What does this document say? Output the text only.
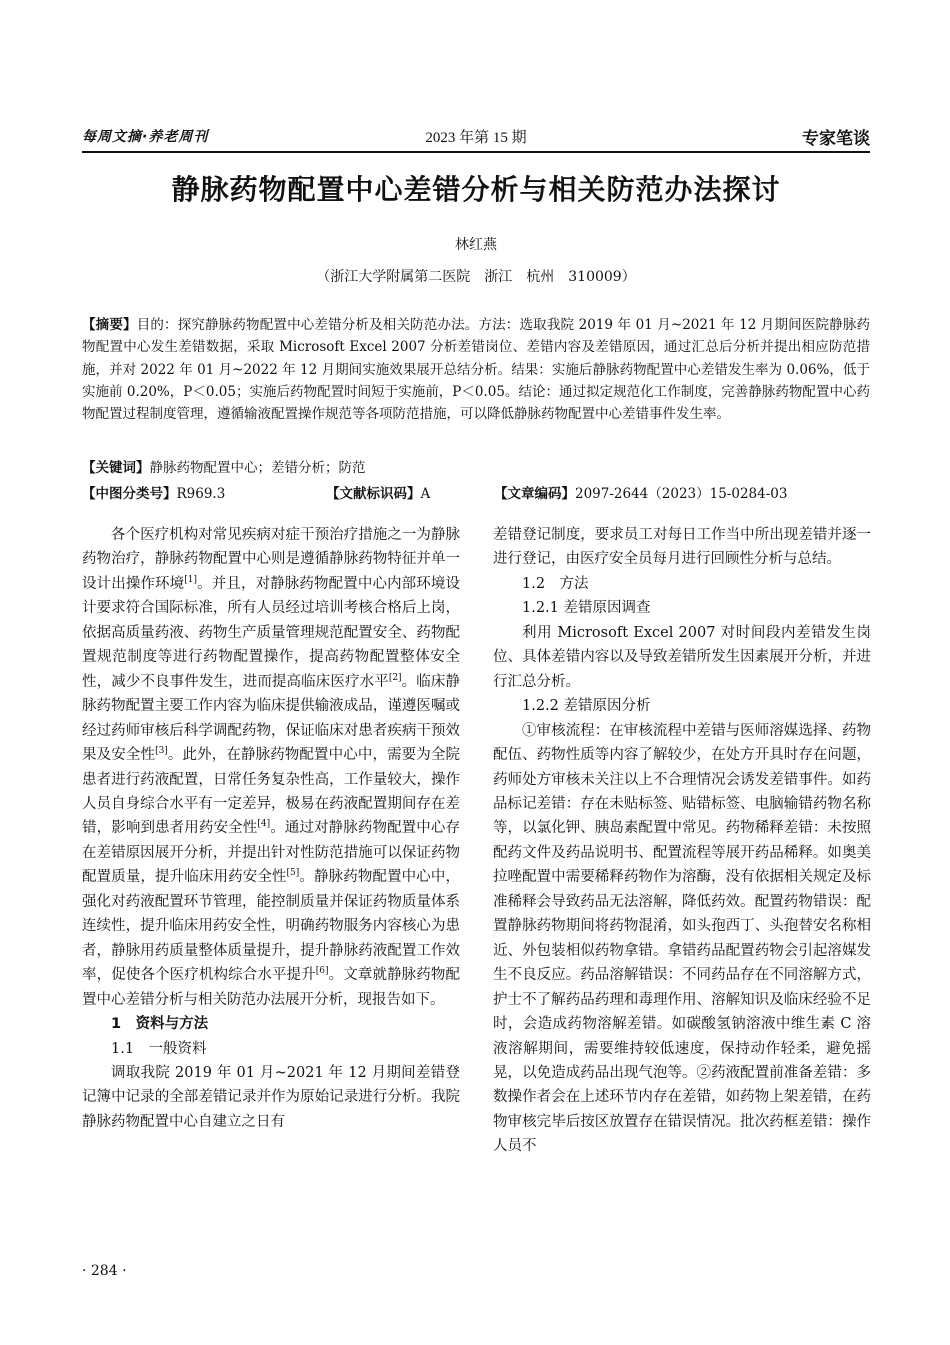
每周文摘·养老周刊	2023 年第 15 期	专家笔谈
静脉药物配置中心差错分析与相关防范办法探讨
林红燕
（浙江大学附属第二医院　浙江　杭州　310009）
【摘要】目的：探究静脉药物配置中心差错分析及相关防范办法。方法：选取我院 2019 年 01 月~2021 年 12 月期间医院静脉药物配置中心发生差错数据，采取 Microsoft Excel 2007 分析差错岗位、差错内容及差错原因，通过汇总后分析并提出相应防范措施，并对 2022 年 01 月~2022 年 12 月期间实施效果展开总结分析。结果：实施后静脉药物配置中心差错发生率为 0.06%，低于实施前 0.20%，P＜0.05；实施后药物配置时间短于实施前，P＜0.05。结论：通过拟定规范化工作制度，完善静脉药物配置中心药物配置过程制度管理，遵循输液配置操作规范等各项防范措施，可以降低静脉药物配置中心差错事件发生率。
【关键词】静脉药物配置中心；差错分析；防范
【中图分类号】R969.3	【文献标识码】A	【文章编码】2097-2644（2023）15-0284-03

各个医疗机构对常见疾病对症干预治疗措施之一为静脉药物治疗，静脉药物配置中心则是遵循静脉药物特征并单一设计出操作环境[1]。并且，对静脉药物配置中心内部环境设计要求符合国际标准，所有人员经过培训考核合格后上岗，依据高质量药液、药物生产质量管理规范配置安全、药物配置规范制度等进行药物配置操作，提高药物配置整体安全性，减少不良事件发生，进而提高临床医疗水平[2]。临床静脉药物配置主要工作内容为临床提供输液成品，谨遵医嘱或经过药师审核后科学调配药物，保证临床对患者疾病干预效果及安全性[3]。此外，在静脉药物配置中心中，需要为全院患者进行药液配置，日常任务复杂性高，工作量较大，操作人员自身综合水平有一定差异，极易在药液配置期间存在差错，影响到患者用药安全性[4]。通过对静脉药物配置中心存在差错原因展开分析，并提出针对性防范措施可以保证药物配置质量，提升临床用药安全性[5]。静脉药物配置中心中，强化对药液配置环节管理，能控制质量并保证药物质量体系连续性，提升临床用药安全性，明确药物服务内容核心为患者，静脉用药质量整体质量提升，提升静脉药液配置工作效率，促使各个医疗机构综合水平提升[6]。文章就静脉药物配置中心差错分析与相关防范办法展开分析，现报告如下。

1　资料与方法

1.1　一般资料

调取我院 2019 年 01 月~2021 年 12 月期间差错登记簿中记录的全部差错记录并作为原始记录进行分析。我院静脉药物配置中心自建立之日有

差错登记制度，要求员工对每日工作当中所出现差错并逐一进行登记，由医疗安全员每月进行回顾性分析与总结。

1.2　方法

1.2.1 差错原因调查

利用 Microsoft Excel 2007 对时间段内差错发生岗位、具体差错内容以及导致差错所发生因素展开分析，并进行汇总分析。

1.2.2 差错原因分析

①审核流程：在审核流程中差错与医师溶媒选择、药物配伍、药物性质等内容了解较少，在处方开具时存在问题，药师处方审核未关注以上不合理情况会诱发差错事件。如药品标记差错：存在未贴标签、贴错标签、电脑输错药物名称等，以氯化钾、胰岛素配置中常见。药物稀释差错：未按照配药文件及药品说明书、配置流程等展开药品稀释。如奥美拉唑配置中需要稀释药物作为溶酶，没有依据相关规定及标准稀释会导致药品无法溶解，降低药效。配置药物错误：配置静脉药物期间将药物混淆，如头孢西丁、头孢替安名称相近、外包装相似药物拿错。拿错药品配置药物会引起溶媒发生不良反应。药品溶解错误：不同药品存在不同溶解方式，护士不了解药品药理和毒理作用、溶解知识及临床经验不足时，会造成药物溶解差错。如碳酸氢钠溶液中维生素 C 溶液溶解期间，需要维持较低速度，保持动作轻柔，避免摇晃，以免造成药品出现气泡等。②药液配置前准备差错：多数操作者会在上述环节内存在差错，如药物上架差错，在药物审核完毕后按区放置存在错误情况。批次药框差错：操作人员不

· 284 ·
